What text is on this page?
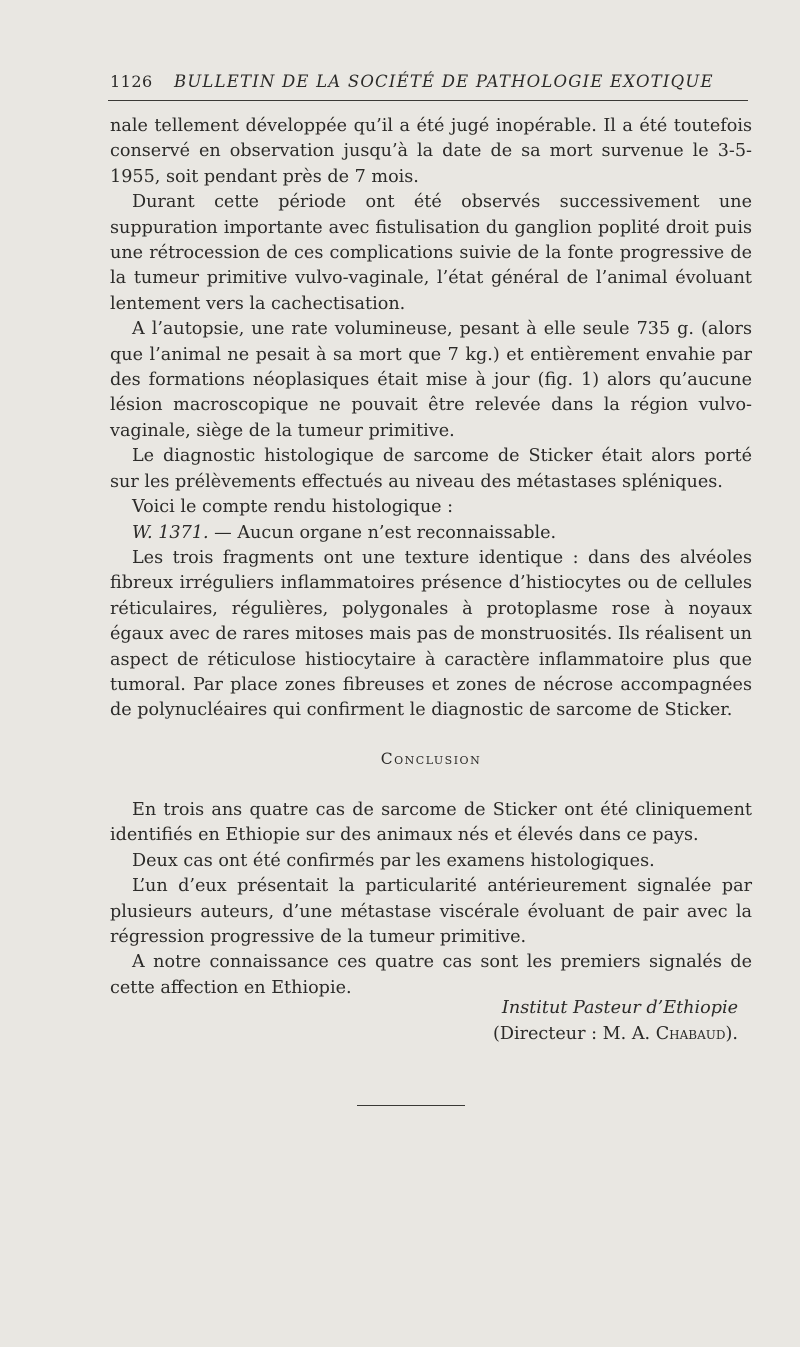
1126 BULLETIN DE LA SOCIÉTÉ DE PATHOLOGIE EXOTIQUE

nale tellement développée qu’il a été jugé inopérable. Il a été toutefois conservé en observation jusqu’à la date de sa mort survenue le 3-5-1955, soit pendant près de 7 mois.

Durant cette période ont été observés successivement une suppuration importante avec fistulisation du ganglion poplité droit puis une rétrocession de ces complications suivie de la fonte progressive de la tumeur primitive vulvo-vaginale, l’état général de l’animal évoluant lentement vers la cachectisation.

A l’autopsie, une rate volumineuse, pesant à elle seule 735 g. (alors que l’animal ne pesait à sa mort que 7 kg.) et entièrement envahie par des formations néoplasiques était mise à jour (fig. 1) alors qu’aucune lésion macroscopique ne pouvait être relevée dans la région vulvo-vaginale, siège de la tumeur primitive.

Le diagnostic histologique de sarcome de Sticker était alors porté sur les prélèvements effectués au niveau des métastases spléniques.

Voici le compte rendu histologique :

W. 1371. — Aucun organe n’est reconnaissable.

Les trois fragments ont une texture identique : dans des alvéoles fibreux irréguliers inflammatoires présence d’histiocytes ou de cellules réticulaires, régulières, polygonales à protoplasme rose à noyaux égaux avec de rares mitoses mais pas de monstruosités. Ils réalisent un aspect de réticulose histiocytaire à caractère inflammatoire plus que tumoral. Par place zones fibreuses et zones de nécrose accompagnées de polynucléaires qui confirment le diagnostic de sarcome de Sticker.

Conclusion

En trois ans quatre cas de sarcome de Sticker ont été cliniquement identifiés en Ethiopie sur des animaux nés et élevés dans ce pays.

Deux cas ont été confirmés par les examens histologiques.

L’un d’eux présentait la particularité antérieurement signalée par plusieurs auteurs, d’une métastase viscérale évoluant de pair avec la régression progressive de la tumeur primitive.

A notre connaissance ces quatre cas sont les premiers signalés de cette affection en Ethiopie.

Institut Pasteur d’Ethiopie
(Directeur : M. A. Chabaud).
